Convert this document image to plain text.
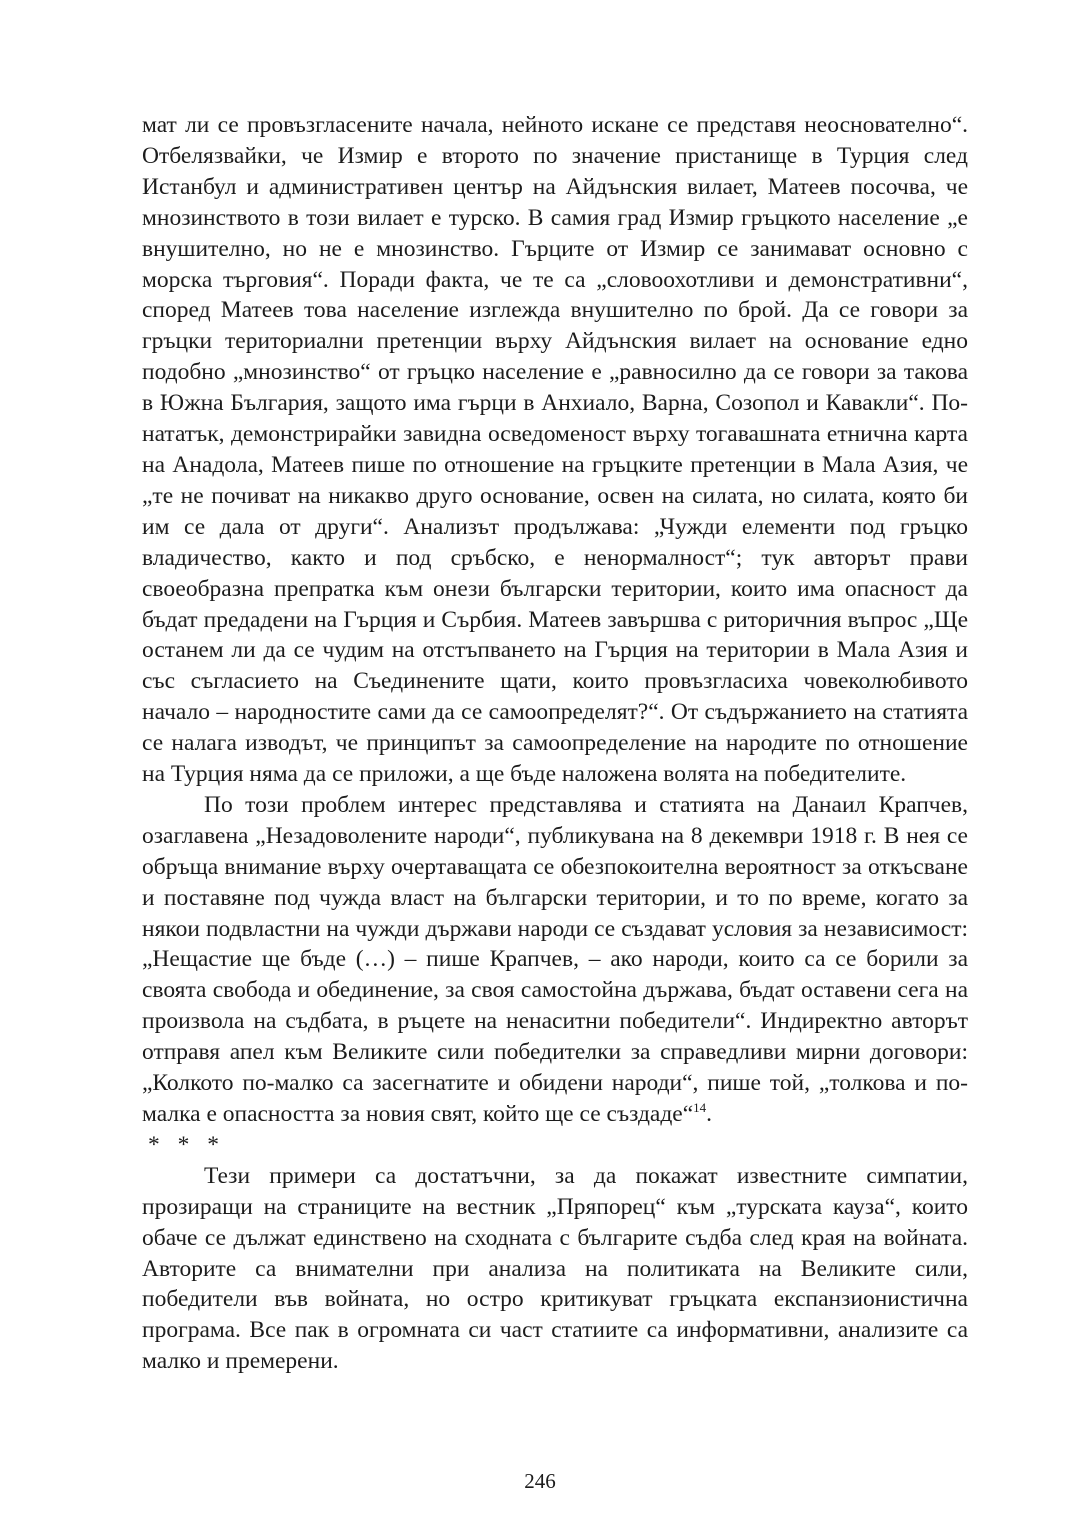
мат ли се провъзгласените начала, нейното искане се представя неоснователно“. Отбелязвайки, че Измир е второто по значение пристанище в Турция след Истанбул и административен център на Айдънския вилает, Матеев посочва, че мнозинството в този вилает е турско. В самия град Измир гръцкото население „е внушително, но не е мнозинство. Гърците от Измир се занимават основно с морска търговия“. Поради факта, че те са „словоохотливи и демонстративни“, според Матеев това население изглежда внушително по брой. Да се говори за гръцки териториални претенции върху Айдънския вилает на основание едно подобно „мнозинство“ от гръцко население е „равносилно да се говори за такова в Южна България, защото има гърци в Анхиало, Варна, Созопол и Кавакли“. По-нататък, демонстрирайки завидна осведоменост върху тогавашната етнична карта на Анадола, Матеев пише по отношение на гръцките претенции в Мала Азия, че „те не почиват на никакво друго основание, освен на силата, но силата, която би им се дала от други“. Анализът продължава: „Чужди елементи под гръцко владичество, както и под сръбско, е ненормалност“; тук авторът прави своеобразна препратка към онези български територии, които има опасност да бъдат предадени на Гърция и Сърбия. Матеев завършва с риторичния въпрос „Ще останем ли да се чудим на отстъпването на Гърция на територии в Мала Азия и със съгласието на Съединените щати, които провъзгласиха човеколюбивото начало – народностите сами да се самоопределят?“. От съдържанието на статията се налага изводът, че принципът за самоопределение на народите по отношение на Турция няма да се приложи, а ще бъде наложена волята на победителите.

По този проблем интерес представлява и статията на Данаил Крапчев, озаглавена „Незадоволените народи“, публикувана на 8 декември 1918 г. В нея се обръща внимание върху очертаващата се обезпокоителна вероятност за откъсване и поставяне под чужда власт на български територии, и то по време, когато за някои подвластни на чужди държави народи се създават условия за независимост: „Нещастие ще бъде (…) – пише Крапчев, – ако народи, които са се борили за своята свобода и обединение, за своя самостойна държава, бъдат оставени сега на произвола на съдбата, в ръцете на ненаситни победители“. Индиректно авторът отправя апел към Великите сили победителки за справедливи мирни договори: „Колкото по-малко са засегнатите и обидени народи“, пише той, „толкова и по-малка е опасността за новия свят, който ще се създаде“$^{14}$.

* * *

Тези примери са достатъчни, за да покажат известните симпатии, прозиращи на страниците на вестник „Пряпорец“ към „турската кауза“, които обаче се дължат единствено на сходната с българите съдба след края на войната. Авторите са внимателни при анализа на политиката на Великите сили, победители във войната, но остро критикуват гръцката експанзионистична програма. Все пак в огромната си част статиите са информативни, анализите са малко и премерени.

246
